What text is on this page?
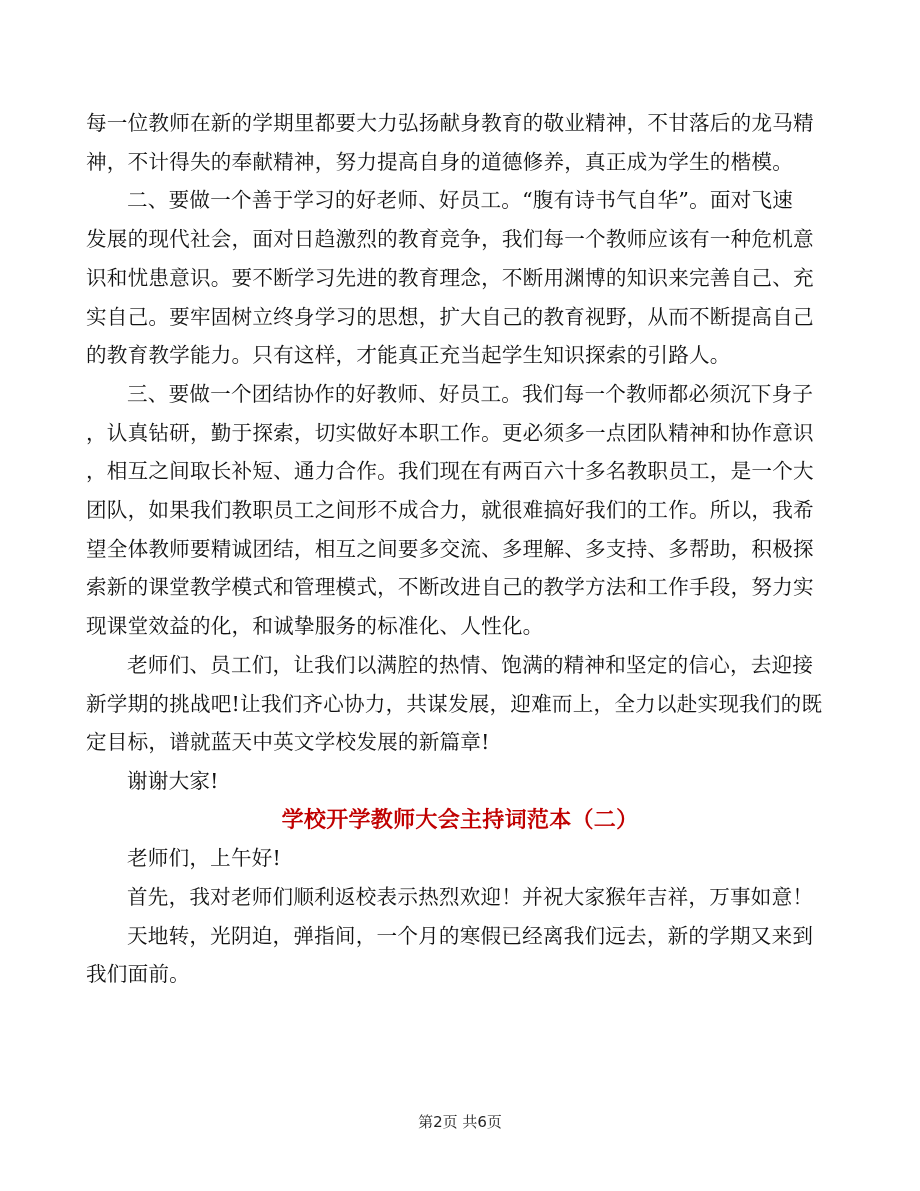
每一位教师在新的学期里都要大力弘扬献身教育的敬业精神，不甘落后的龙马精
神，不计得失的奉献精神，努力提高自身的道德修养，真正成为学生的楷模。

二、要做一个善于学习的好老师、好员工。“腹有诗书气自华”。面对飞速
发展的现代社会，面对日趋激烈的教育竞争，我们每一个教师应该有一种危机意
识和忧患意识。要不断学习先进的教育理念，不断用渊博的知识来完善自己、充
实自己。要牢固树立终身学习的思想，扩大自己的教育视野，从而不断提高自己
的教育教学能力。只有这样，才能真正充当起学生知识探索的引路人。

三、要做一个团结协作的好教师、好员工。我们每一个教师都必须沉下身子
，认真钻研，勤于探索，切实做好本职工作。更必须多一点团队精神和协作意识
，相互之间取长补短、通力合作。我们现在有两百六十多名教职员工，是一个大
团队，如果我们教职员工之间形不成合力，就很难搞好我们的工作。所以，我希
望全体教师要精诚团结，相互之间要多交流、多理解、多支持、多帮助，积极探
索新的课堂教学模式和管理模式，不断改进自己的教学方法和工作手段，努力实
现课堂效益的化，和诚挚服务的标准化、人性化。

老师们、员工们，让我们以满腔的热情、饱满的精神和坚定的信心，去迎接
新学期的挑战吧!让我们齐心协力，共谋发展，迎难而上，全力以赴实现我们的既
定目标，谱就蓝天中英文学校发展的新篇章!

谢谢大家!

学校开学教师大会主持词范本（二）

老师们，上午好!

首先，我对老师们顺利返校表示热烈欢迎！并祝大家猴年吉祥，万事如意！

天地转，光阴迫，弹指间，一个月的寒假已经离我们远去，新的学期又来到
我们面前。

第2页 共6页
